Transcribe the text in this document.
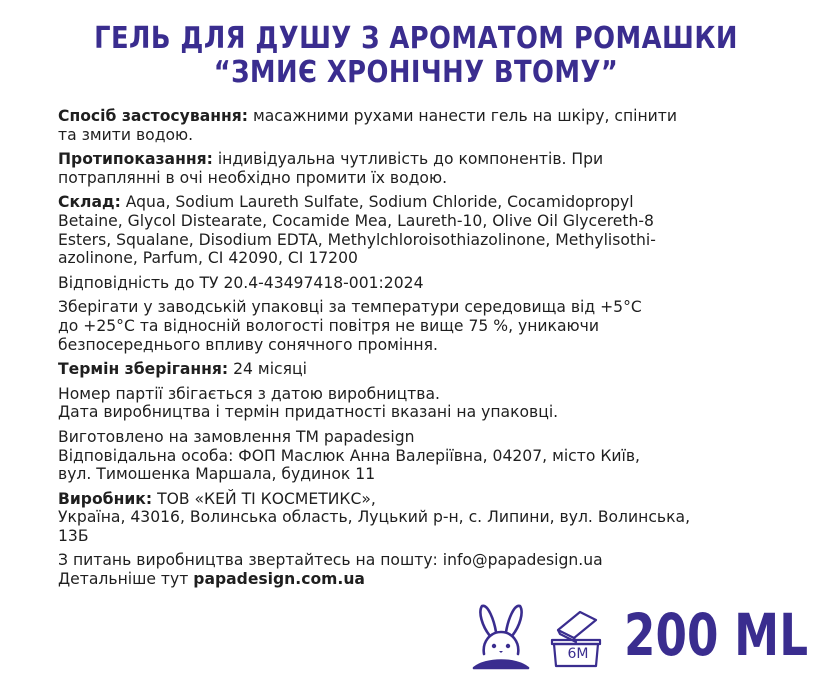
ГЕЛЬ ДЛЯ ДУШУ З АРОМАТОМ РОМАШКИ
“ЗМИЄ ХРОНІЧНУ ВТОМУ”
Спосіб застосування: масажними рухами нанести гель на шкіру, спінити
та змити водою.
Протипоказання: індивідуальна чутливість до компонентів. При
потраплянні в очі необхідно промити їх водою.
Склад: Aqua, Sodium Laureth Sulfate, Sodium Chloride, Cocamidopropyl
Betaine, Glycol Distearate, Cocamide Mea, Laureth-10, Olive Oil Glycereth-8
Esters, Squalane, Disodium EDTA, Methylchloroisothiazolinone, Methylisothi-
azolinone, Parfum, CI 42090, CI 17200
Відповідність до ТУ 20.4-43497418-001:2024
Зберігати у заводській упаковці за температури середовища від +5°C
до +25°C та відносній вологості повітря не вище 75 %, уникаючи
безпосереднього впливу сонячного проміння.
Термін зберігання: 24 місяці
Номер партії збігається з датою виробництва.
Дата виробництва і термін придатності вказані на упаковці.
Виготовлено на замовлення ТМ papadesign
Відповідальна особа: ФОП Маслюк Анна Валеріївна, 04207, місто Київ,
вул. Тимошенка Маршала, будинок 11
Виробник: ТОВ «КЕЙ ТІ КОСМЕТИКС»,
Україна, 43016, Волинська область, Луцький р-н, с. Липини, вул. Волинська,
13Б
З питань виробництва звертайтесь на пошту: info@papadesign.ua
Детальніше тут papadesign.com.ua
6M 200 ML
